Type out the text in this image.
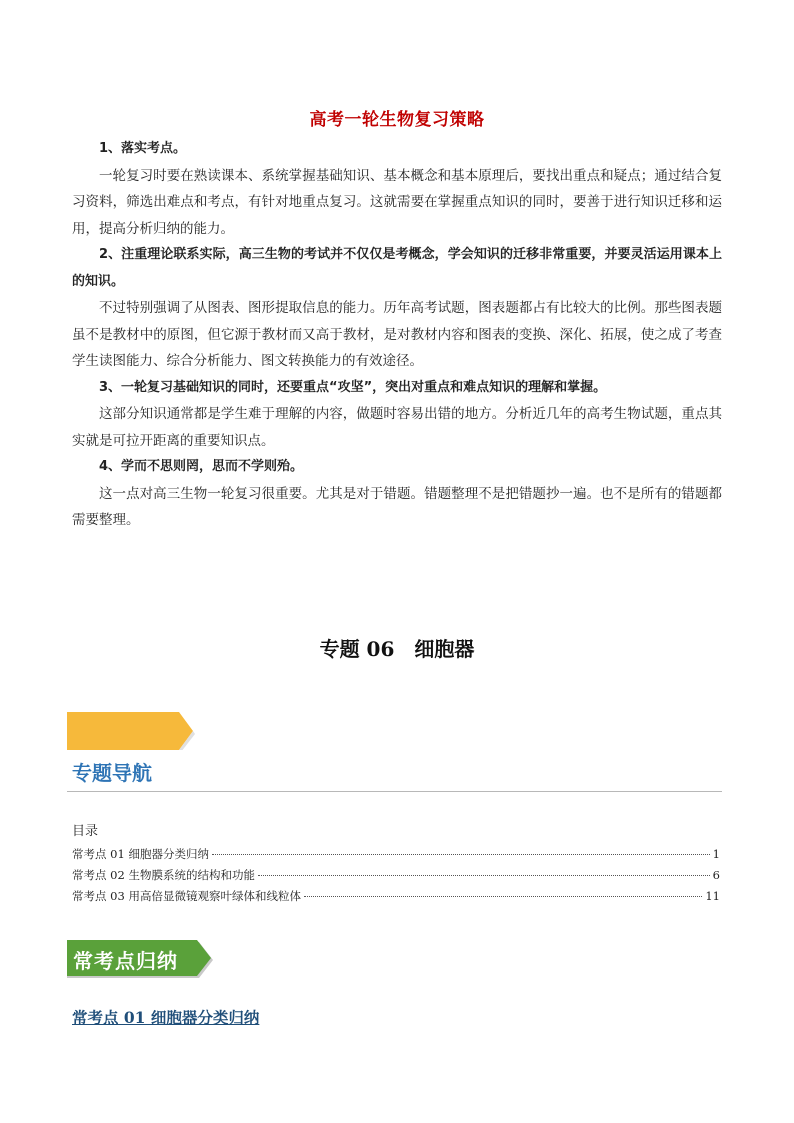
高考一轮生物复习策略

1、落实考点。

一轮复习时要在熟读课本、系统掌握基础知识、基本概念和基本原理后，要找出重点和疑点；通过结合复习资料，筛选出难点和考点，有针对地重点复习。这就需要在掌握重点知识的同时，要善于进行知识迁移和运用，提高分析归纳的能力。

2、注重理论联系实际，高三生物的考试并不仅仅是考概念，学会知识的迁移非常重要，并要灵活运用课本上的知识。

不过特别强调了从图表、图形提取信息的能力。历年高考试题，图表题都占有比较大的比例。那些图表题虽不是教材中的原图，但它源于教材而又高于教材，是对教材内容和图表的变换、深化、拓展，使之成了考查学生读图能力、综合分析能力、图文转换能力的有效途径。

3、一轮复习基础知识的同时，还要重点“攻坚”，突出对重点和难点知识的理解和掌握。

这部分知识通常都是学生难于理解的内容，做题时容易出错的地方。分析近几年的高考生物试题，重点其实就是可拉开距离的重要知识点。

4、学而不思则罔，思而不学则殆。

这一点对高三生物一轮复习很重要。尤其是对于错题。错题整理不是把错题抄一遍。也不是所有的错题都需要整理。

专题 06　细胞器
专题导航
目录
常考点 01 细胞器分类归纳	1
常考点 02 生物膜系统的结构和功能	6
常考点 03 用高倍显微镜观察叶绿体和线粒体	11
常考点归纳
常考点 01 细胞器分类归纳
